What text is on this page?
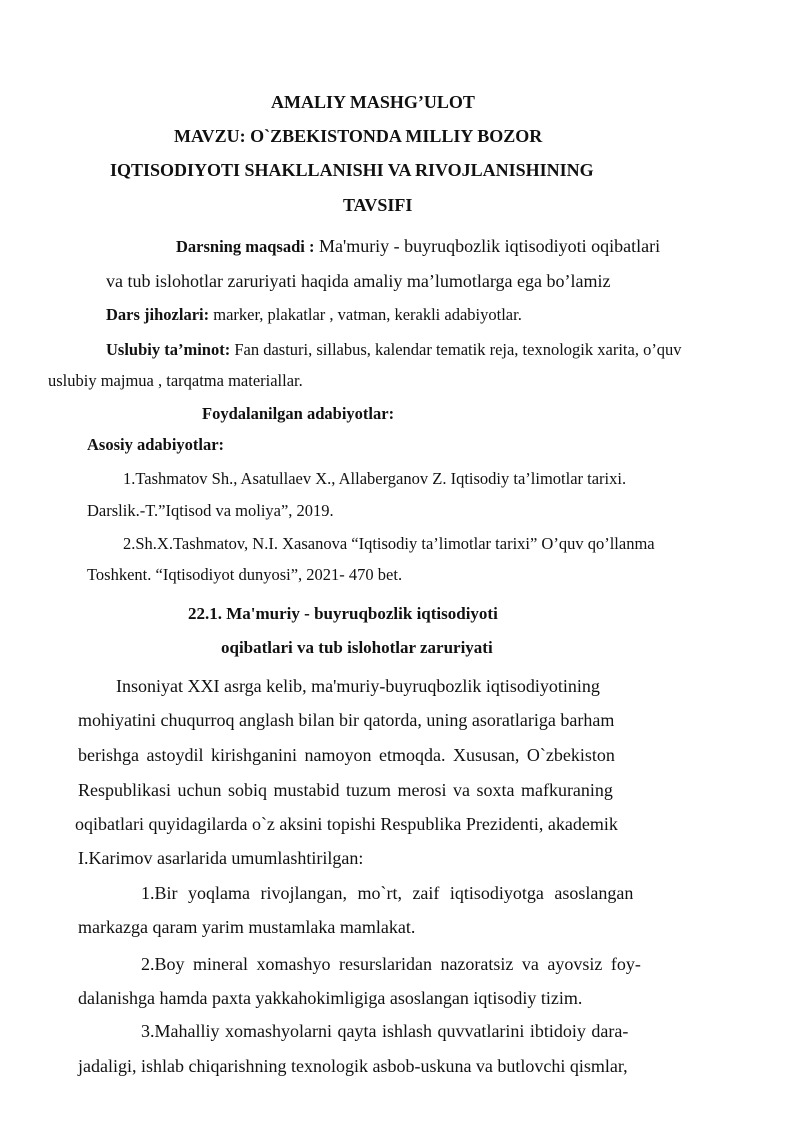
AMALIY MASHG’ULOT
MAVZU: O`ZBEKISTONDA MILLIY BOZOR
IQTISODIYOTI SHAKLLANISHI VA RIVOJLANISHINING
TAVSIFI
Darsning maqsadi : Ma'muriy - buyruqbozlik iqtisodiyoti oqibatlari
va tub islohotlar zaruriyati haqida amaliy ma’lumotlarga ega bo’lamiz
Dars jihozlari: marker, plakatlar , vatman, kerakli adabiyotlar.
Uslubiy ta’minot: Fan dasturi, sillabus, kalendar tematik reja, texnologik xarita, o’quv
uslubiy majmua , tarqatma materiallar.
Foydalanilgan adabiyotlar:
Asosiy adabiyotlar:
1.Tashmatov Sh., Asatullaev X., Allaberganov Z. Iqtisodiy ta’limotlar tarixi.
Darslik.-T.”Iqtisod va moliya”, 2019.
2.Sh.X.Tashmatov, N.I. Xasanova “Iqtisodiy ta’limotlar tarixi” O’quv qo’llanma
Toshkent. “Iqtisodiyot dunyosi”, 2021- 470 bet.
22.1. Ma'muriy - buyruqbozlik iqtisodiyoti
oqibatlari va tub islohotlar zaruriyati
Insoniyat XXI asrga kelib, ma'muriy-buyruqbozlik iqtisodiyotining
mohiyatini chuqurroq anglash bilan bir qatorda, uning asoratlariga barham
berishga astoydil kirishganini namoyon etmoqda. Xususan, O`zbekiston
Respublikasi uchun sobiq mustabid tuzum merosi va soxta mafkuraning
oqibatlari quyidagilarda o`z aksini topishi Respublika Prezidenti, akademik
I.Karimov asarlarida umumlashtirilgan:
1.Bir yoqlama rivojlangan, mo`rt, zaif iqtisodiyotga asoslangan
markazga qaram yarim mustamlaka mamlakat.
2.Boy mineral xomashyo resurslaridan nazoratsiz va ayovsiz foy-
dalanishga hamda paxta yakkahokimligiga asoslangan iqtisodiy tizim.
3.Mahalliy xomashyolarni qayta ishlash quvvatlarini ibtidoiy dara-
jadaligi, ishlab chiqarishning texnologik asbob-uskuna va butlovchi qismlar,
